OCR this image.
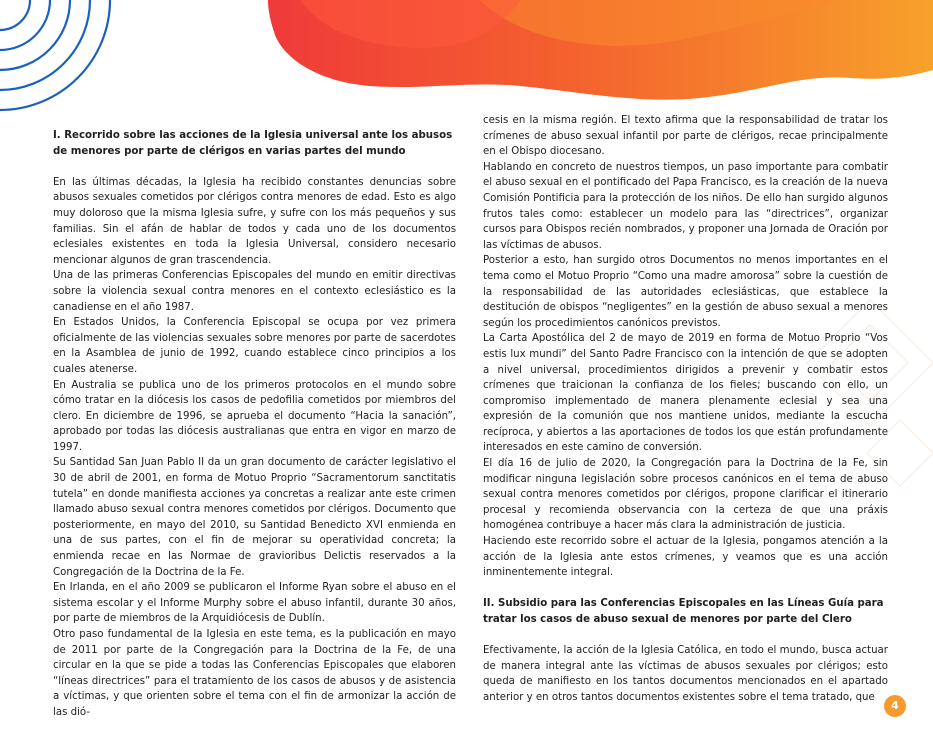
I. Recorrido sobre las acciones de la Iglesia universal ante los abusos de menores por parte de clérigos en varias partes del mundo

En las últimas décadas, la Iglesia ha recibido constantes denuncias sobre abusos sexuales cometidos por clérigos contra menores de edad. Esto es algo muy doloroso que la misma Iglesia sufre, y sufre con los más pequeños y sus familias. Sin el afán de hablar de todos y cada uno de los documentos eclesiales existentes en toda la Iglesia Universal, considero necesario mencionar algunos de gran trascendencia.

Una de las primeras Conferencias Episcopales del mundo en emitir directivas sobre la violencia sexual contra menores en el contexto eclesiástico es la canadiense en el año 1987.

En Estados Unidos, la Conferencia Episcopal se ocupa por vez primera oficialmente de las violencias sexuales sobre menores por parte de sacerdotes en la Asamblea de junio de 1992, cuando establece cinco principios a los cuales atenerse.

En Australia se publica uno de los primeros protocolos en el mundo sobre cómo tratar en la diócesis los casos de pedofilia cometidos por miembros del clero. En diciembre de 1996, se aprueba el documento “Hacia la sanación”, aprobado por todas las diócesis australianas que entra en vigor en marzo de 1997.

Su Santidad San Juan Pablo II da un gran documento de carácter legislativo el 30 de abril de 2001, en forma de Motuo Proprio “Sacramentorum sanctitatis tutela” en donde manifiesta acciones ya concretas a realizar ante este crimen llamado abuso sexual contra menores cometidos por clérigos. Documento que posteriormente, en mayo del 2010, su Santidad Benedicto XVI enmienda en una de sus partes, con el fin de mejorar su operatividad concreta; la enmienda recae en las Normae de gravioribus Delictis reservados a la Congregación de la Doctrina de la Fe.

En Irlanda, en el año 2009 se publicaron el Informe Ryan sobre el abuso en el sistema escolar y el Informe Murphy sobre el abuso infantil, durante 30 años, por parte de miembros de la Arquidiócesis de Dublín.

Otro paso fundamental de la Iglesia en este tema, es la publicación en mayo de 2011 por parte de la Congregación para la Doctrina de la Fe, de una circular en la que se pide a todas las Conferencias Episcopales que elaboren “líneas directrices” para el tratamiento de los casos de abusos y de asistencia a víctimas, y que orienten sobre el tema con el fin de armonizar la acción de las dió-

cesis en la misma región. El texto afirma que la responsabilidad de tratar los crímenes de abuso sexual infantil por parte de clérigos, recae principalmente en el Obispo diocesano.

Hablando en concreto de nuestros tiempos, un paso importante para combatir el abuso sexual en el pontificado del Papa Francisco, es la creación de la nueva Comisión Pontificia para la protección de los niños. De ello han surgido algunos frutos tales como: establecer un modelo para las “directrices”, organizar cursos para Obispos recién nombrados, y proponer una Jornada de Oración por las víctimas de abusos.

Posterior a esto, han surgido otros Documentos no menos importantes en el tema como el Motuo Proprio “Como una madre amorosa” sobre la cuestión de la responsabilidad de las autoridades eclesiásticas, que establece la destitución de obispos “negligentes” en la gestión de abuso sexual a menores según los procedimientos canónicos previstos.

La Carta Apostólica del 2 de mayo de 2019 en forma de Motuo Proprio “Vos estis lux mundi” del Santo Padre Francisco con la intención de que se adopten a nivel universal, procedimientos dirigidos a prevenir y combatir estos crímenes que traicionan la confianza de los fieles; buscando con ello, un compromiso implementado de manera plenamente eclesial y sea una expresión de la comunión que nos mantiene unidos, mediante la escucha recíproca, y abiertos a las aportaciones de todos los que están profundamente interesados en este camino de conversión.

El día 16 de julio de 2020, la Congregación para la Doctrina de la Fe, sin modificar ninguna legislación sobre procesos canónicos en el tema de abuso sexual contra menores cometidos por clérigos, propone clarificar el itinerario procesal y recomienda observancia con la certeza de que una práxis homogénea contribuye a hacer más clara la administración de justicia.

Haciendo este recorrido sobre el actuar de la Iglesia, pongamos atención a la acción de la Iglesia ante estos crímenes, y veamos que es una acción inminentemente integral.

II. Subsidio para las Conferencias Episcopales en las Líneas Guía para tratar los casos de abuso sexual de menores por parte del Clero

Efectivamente, la acción de la Iglesia Católica, en todo el mundo, busca actuar de manera integral ante las víctimas de abusos sexuales por clérigos; esto queda de manifiesto en los tantos documentos mencionados en el apartado anterior y en otros tantos documentos existentes sobre el tema tratado, que

4
